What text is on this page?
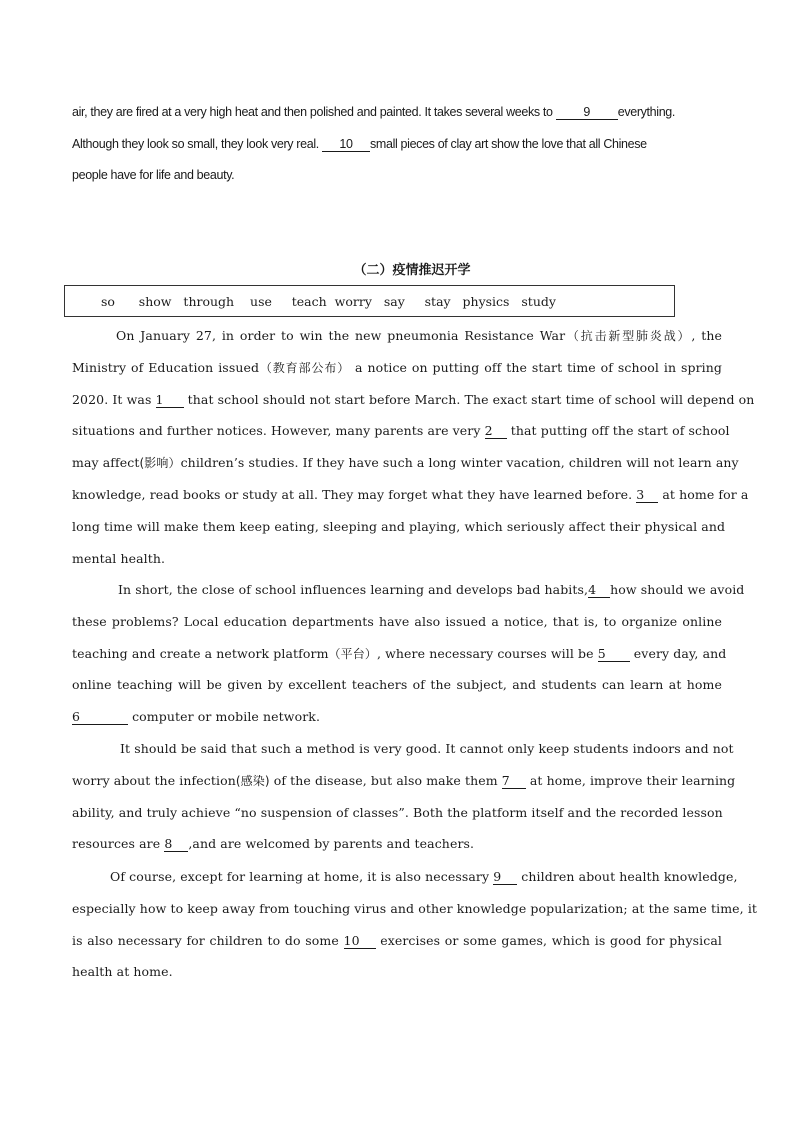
air, they are fired at a very high heat and then polished and painted. It takes several weeks to 9 everything.
Although they look so small, they look very real. 10 small pieces of clay art show the love that all Chinese
people have for life and beauty.
（二）疫情推迟开学
so
show
through
use
teach
worry
say
stay
physics
study
On January 27, in order to win the new pneumonia Resistance War（抗击新型肺炎战）, the
Ministry of Education issued（教育部公布） a notice on putting off the start time of school in spring
2020. It was 1 that school should not start before March. The exact start time of school will depend on
situations and further notices. However, many parents are very 2 that putting off the start of school
may affect(影响）children’s studies. If they have such a long winter vacation, children will not learn any
knowledge, read books or study at all. They may forget what they have learned before. 3 at home for a
long time will make them keep eating, sleeping and playing, which seriously affect their physical and
mental health.
In short, the close of school influences learning and develops bad habits,4 how should we avoid
these problems? Local education departments have also issued a notice, that is, to organize online
teaching and create a network platform（平台）, where necessary courses will be 5 every day, and
online teaching will be given by excellent teachers of the subject, and students can learn at home
6	computer or mobile network.
It should be said that such a method is very good. It cannot only keep students indoors and not
worry about the infection(感染) of the disease, but also make them 7 at home, improve their learning
ability, and truly achieve “no suspension of classes”. Both the platform itself and the recorded lesson
resources are 8 ,and are welcomed by parents and teachers.
Of course, except for learning at home, it is also necessary 9 children about health knowledge,
especially how to keep away from touching virus and other knowledge popularization; at the same time, it
is also necessary for children to do some 10 exercises or some games, which is good for physical
health at home.
